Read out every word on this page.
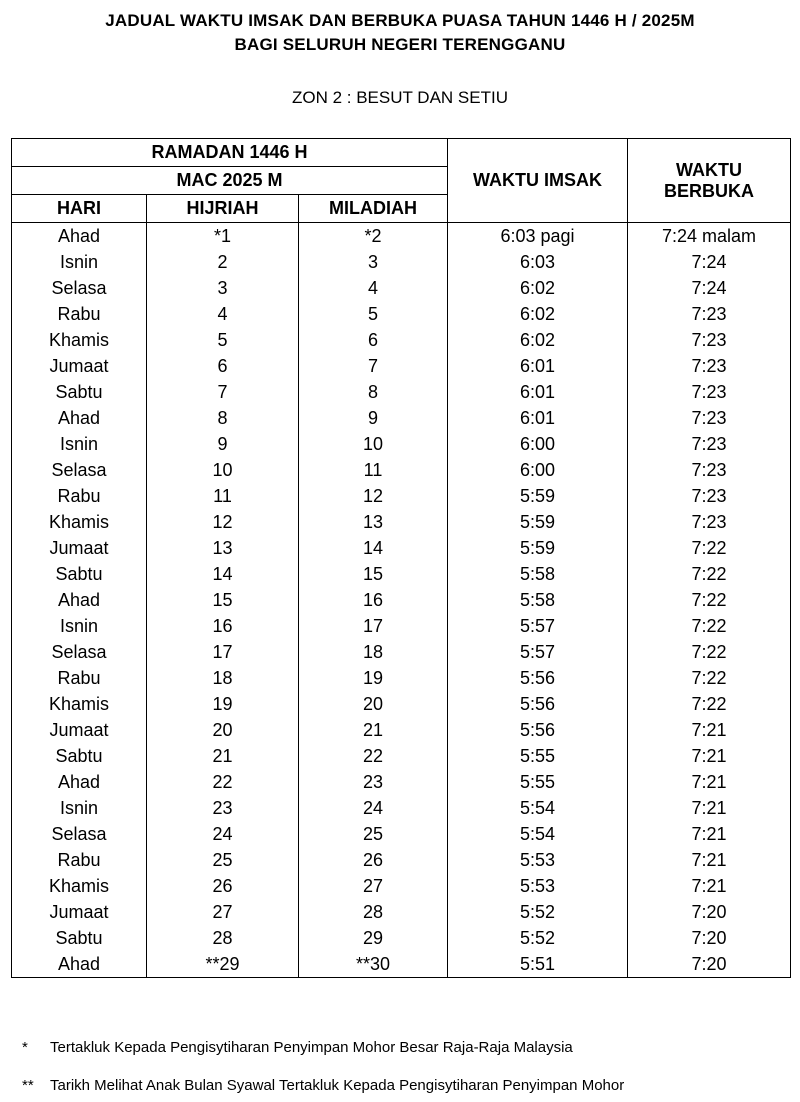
JADUAL WAKTU IMSAK DAN BERBUKA PUASA TAHUN 1446 H / 2025M
BAGI SELURUH NEGERI TERENGGANU
ZON 2 : BESUT DAN SETIU
RAMADAN 1446 H			WAKTU IMSAK	WAKTU BERBUKA
MAC 2025 M				
HARI	HIJRIAH	MILADIAH		
Ahad	*1	*2	6:03 pagi	7:24 malam
Isnin	2	3	6:03	7:24
Selasa	3	4	6:02	7:24
Rabu	4	5	6:02	7:23
Khamis	5	6	6:02	7:23
Jumaat	6	7	6:01	7:23
Sabtu	7	8	6:01	7:23
Ahad	8	9	6:01	7:23
Isnin	9	10	6:00	7:23
Selasa	10	11	6:00	7:23
Rabu	11	12	5:59	7:23
Khamis	12	13	5:59	7:23
Jumaat	13	14	5:59	7:22
Sabtu	14	15	5:58	7:22
Ahad	15	16	5:58	7:22
Isnin	16	17	5:57	7:22
Selasa	17	18	5:57	7:22
Rabu	18	19	5:56	7:22
Khamis	19	20	5:56	7:22
Jumaat	20	21	5:56	7:21
Sabtu	21	22	5:55	7:21
Ahad	22	23	5:55	7:21
Isnin	23	24	5:54	7:21
Selasa	24	25	5:54	7:21
Rabu	25	26	5:53	7:21
Khamis	26	27	5:53	7:21
Jumaat	27	28	5:52	7:20
Sabtu	28	29	5:52	7:20
Ahad	**29	**30	5:51	7:20
* Tertakluk Kepada Pengisytiharan Penyimpan Mohor Besar Raja-Raja Malaysia
** Tarikh Melihat Anak Bulan Syawal Tertakluk Kepada Pengisytiharan Penyimpan Mohor
